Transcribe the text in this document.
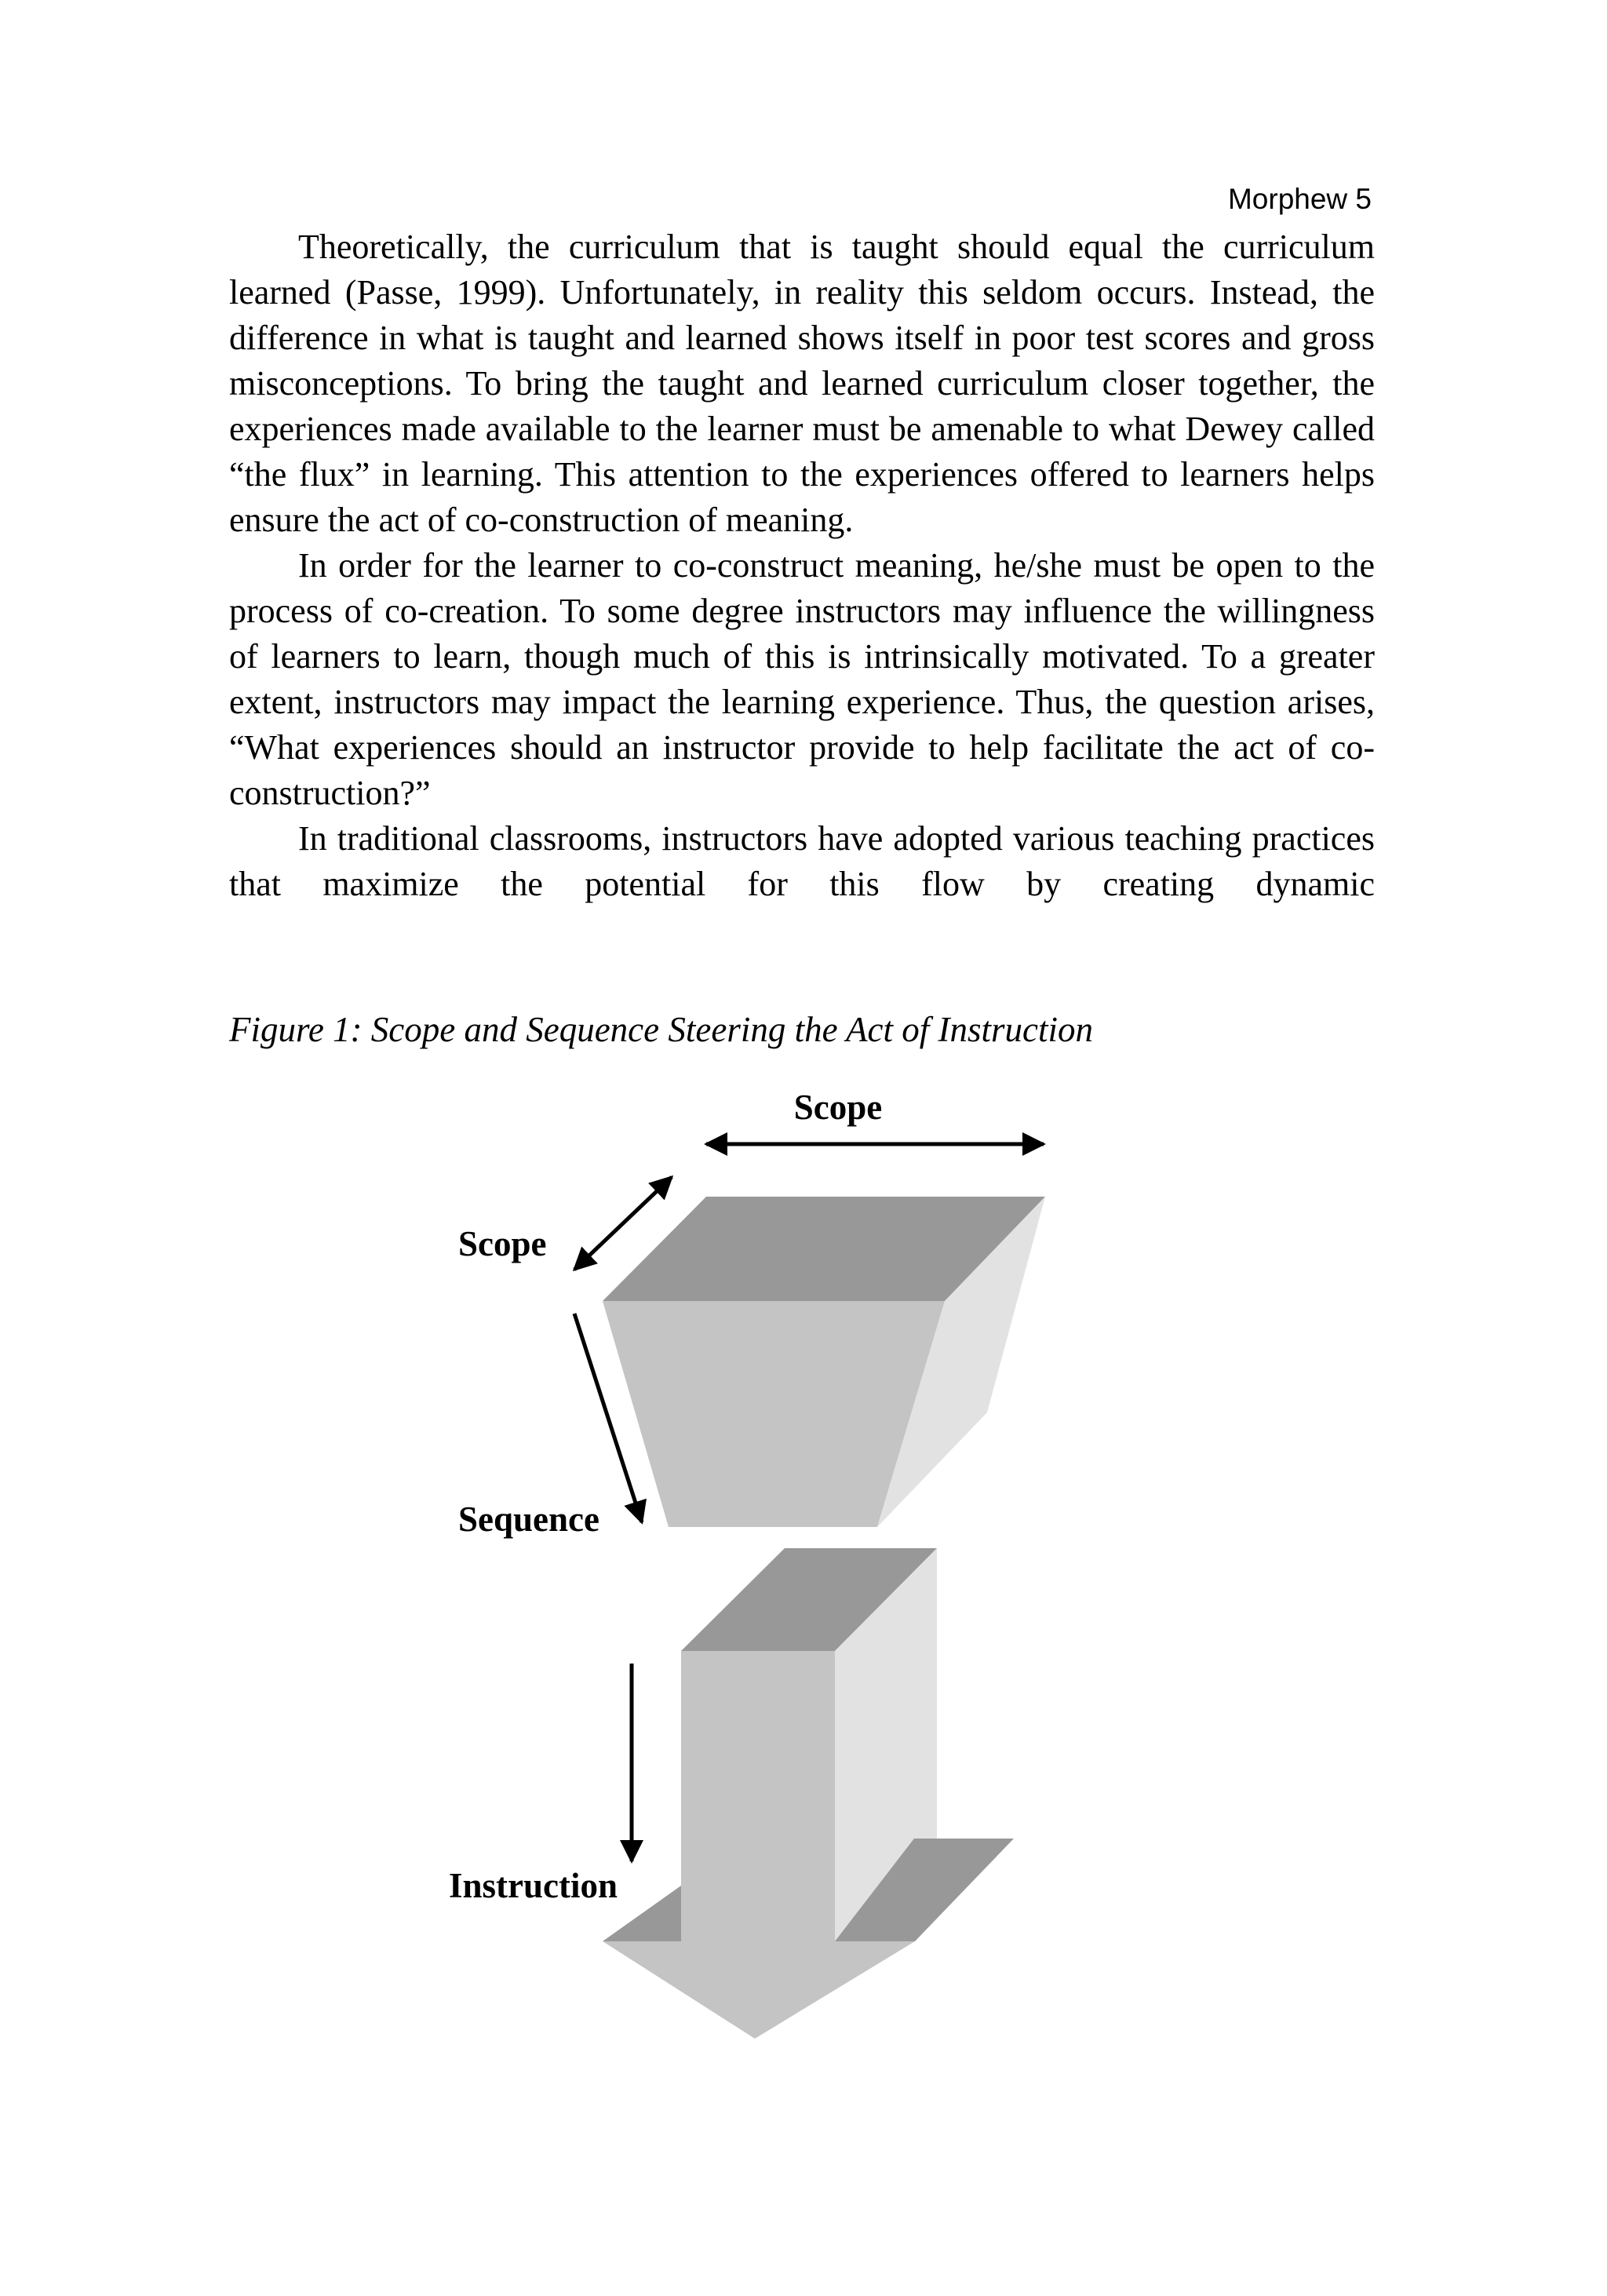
Morphew 5

Theoretically, the curriculum that is taught should equal the curriculum learned (Passe, 1999). Unfortunately, in reality this seldom occurs. Instead, the difference in what is taught and learned shows itself in poor test scores and gross misconceptions. To bring the taught and learned curriculum closer together, the experiences made available to the learner must be amenable to what Dewey called “the flux” in learning. This attention to the experiences offered to learners helps ensure the act of co-construction of meaning.

In order for the learner to co-construct meaning, he/she must be open to the process of co-creation. To some degree instructors may influence the willingness of learners to learn, though much of this is intrinsically motivated. To a greater extent, instructors may impact the learning experience. Thus, the question arises, “What experiences should an instructor provide to help facilitate the act of co-construction?”

In traditional classrooms, instructors have adopted various teaching practices that maximize the potential for this flow by creating dynamic

Figure 1: Scope and Sequence Steering the Act of Instruction
Scope
Scope
Sequence
Instruction
